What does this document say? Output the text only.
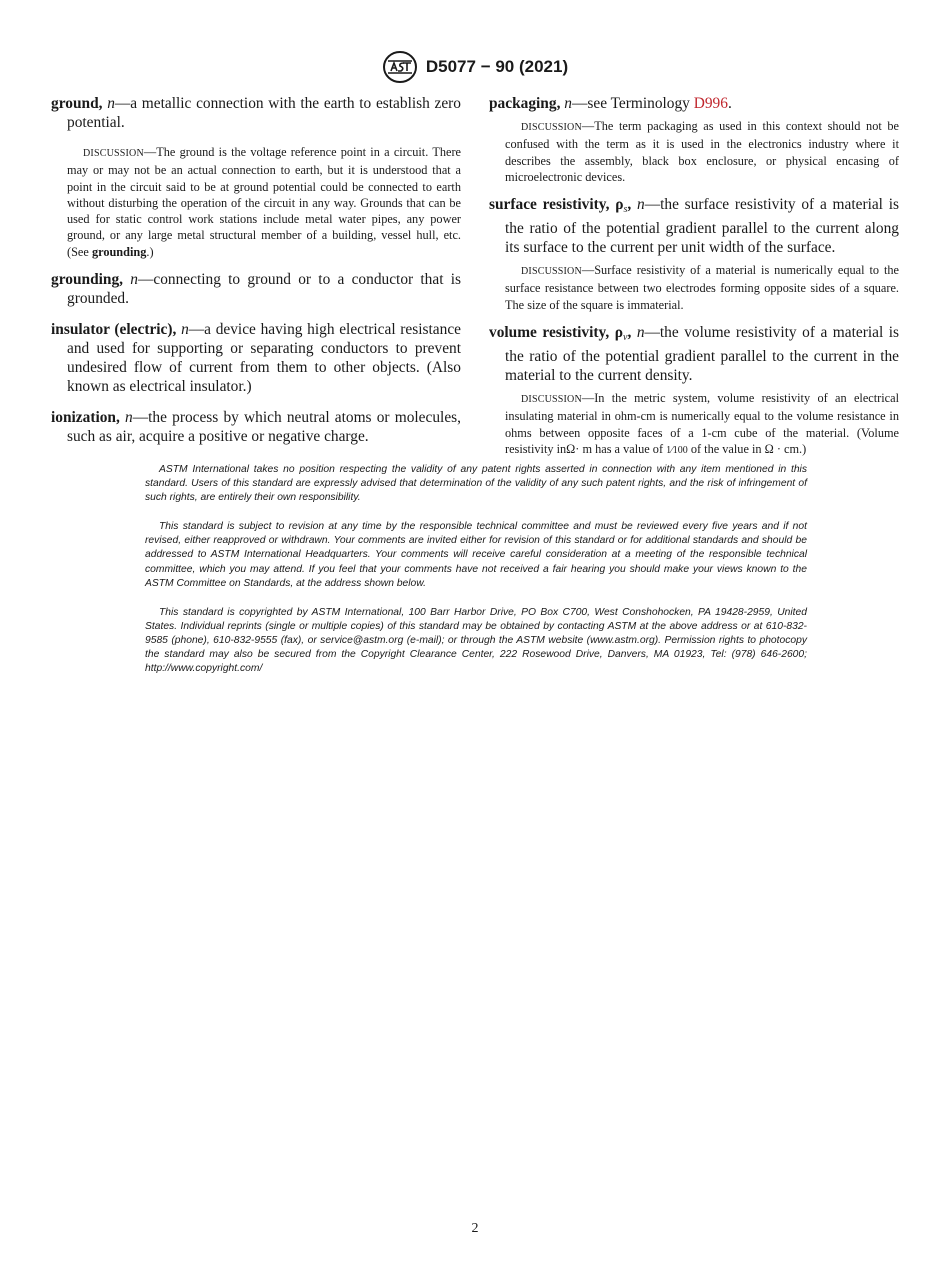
D5077 − 90 (2021)

ground, n—a metallic connection with the earth to establish zero potential.

DISCUSSION—The ground is the voltage reference point in a circuit. There may or may not be an actual connection to earth, but it is understood that a point in the circuit said to be at ground potential could be connected to earth without disturbing the operation of the circuit in any way. Grounds that can be used for static control work stations include metal water pipes, any power ground, or any large metal structural member of a building, vessel hull, etc. (See grounding.)

grounding, n—connecting to ground or to a conductor that is grounded.

insulator (electric), n—a device having high electrical resistance and used for supporting or separating conductors to prevent undesired flow of current from them to other objects. (Also known as electrical insulator.)

ionization, n—the process by which neutral atoms or molecules, such as air, acquire a positive or negative charge.

packaging, n—see Terminology D996.

DISCUSSION—The term packaging as used in this context should not be confused with the term as it is used in the electronics industry where it describes the assembly, black box enclosure, or physical encasing of microelectronic devices.

surface resistivity, $\rho_s$, n—the surface resistivity of a material is the ratio of the potential gradient parallel to the current along its surface to the current per unit width of the surface.

DISCUSSION—Surface resistivity of a material is numerically equal to the surface resistance between two electrodes forming opposite sides of a square. The size of the square is immaterial.

volume resistivity, $\rho_v$, n—the volume resistivity of a material is the ratio of the potential gradient parallel to the current in the material to the current density.

DISCUSSION—In the metric system, volume resistivity of an electrical insulating material in ohm-cm is numerically equal to the volume resistance in ohms between opposite faces of a 1-cm cube of the material. (Volume resistivity inΩ· m has a value of 1⁄100 of the value in Ω · cm.)

ASTM International takes no position respecting the validity of any patent rights asserted in connection with any item mentioned in this standard. Users of this standard are expressly advised that determination of the validity of any such patent rights, and the risk of infringement of such rights, are entirely their own responsibility.

This standard is subject to revision at any time by the responsible technical committee and must be reviewed every five years and if not revised, either reapproved or withdrawn. Your comments are invited either for revision of this standard or for additional standards and should be addressed to ASTM International Headquarters. Your comments will receive careful consideration at a meeting of the responsible technical committee, which you may attend. If you feel that your comments have not received a fair hearing you should make your views known to the ASTM Committee on Standards, at the address shown below.

This standard is copyrighted by ASTM International, 100 Barr Harbor Drive, PO Box C700, West Conshohocken, PA 19428-2959, United States. Individual reprints (single or multiple copies) of this standard may be obtained by contacting ASTM at the above address or at 610-832-9585 (phone), 610-832-9555 (fax), or service@astm.org (e-mail); or through the ASTM website (www.astm.org). Permission rights to photocopy the standard may also be secured from the Copyright Clearance Center, 222 Rosewood Drive, Danvers, MA 01923, Tel: (978) 646-2600; http://www.copyright.com/

2
